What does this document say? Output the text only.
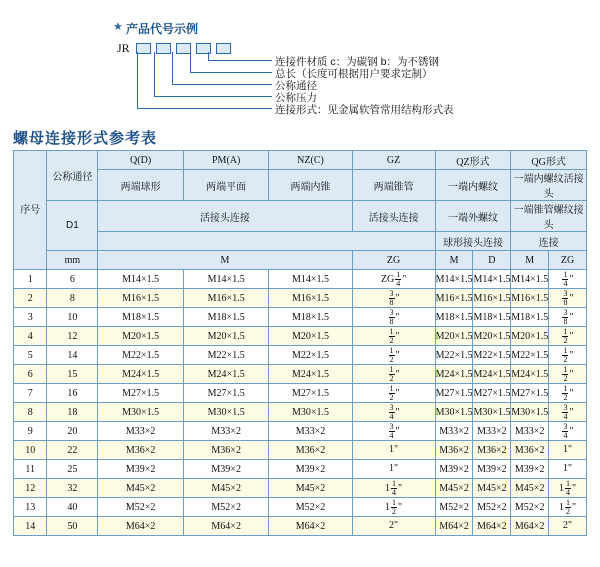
★ 产品代号示例
JR
连接件材质 c：为碳钢 b：为不锈钢
总长（长度可根据用户要求定制）
公称通径
公称压力
连接形式：见金属软管常用结构形式表
螺母连接形式参考表
序号	公称通径	Q(D)	PM(A)	NZ(C)	GZ	QZ形式		QG形式	
		两端球形	两端平面	两端内锥	两端锥管	一端内螺纹		一端内螺纹活接头	
	D1	活接头连接			活接头连接	一端外螺纹		一端锥管螺纹接头	
						球形接头连接		连接	
	mm	M			ZG	M	D	M	ZG
1	6	M14×1.5	M14×1.5	M14×1.5	ZG $\frac{1}{4}$ "	M14×1.5	M14×1.5	M14×1.5	$\frac{1}{4}$ "
2	8	M16×1.5	M16×1.5	M16×1.5	$\frac{3}{8}$ "	M16×1.5	M16×1.5	M16×1.5	$\frac{3}{8}$ "
3	10	M18×1.5	M18×1.5	M18×1.5	$\frac{3}{8}$ "	M18×1.5	M18×1.5	M18×1.5	$\frac{3}{8}$ "
4	12	M20×1.5	M20×1.5	M20×1.5	$\frac{1}{2}$ "	M20×1.5	M20×1.5	M20×1.5	$\frac{1}{2}$ "
5	14	M22×1.5	M22×1.5	M22×1.5	$\frac{1}{2}$ "	M22×1.5	M22×1.5	M22×1.5	$\frac{1}{2}$ "
6	15	M24×1.5	M24×1.5	M24×1.5	$\frac{1}{2}$ "	M24×1.5	M24×1.5	M24×1.5	$\frac{1}{2}$ "
7	16	M27×1.5	M27×1.5	M27×1.5	$\frac{1}{2}$ "	M27×1.5	M27×1.5	M27×1.5	$\frac{1}{2}$ "
8	18	M30×1.5	M30×1.5	M30×1.5	$\frac{3}{4}$ "	M30×1.5	M30×1.5	M30×1.5	$\frac{3}{4}$ "
9	20	M33×2	M33×2	M33×2	$\frac{3}{4}$ "	M33×2	M33×2	M33×2	$\frac{3}{4}$ "
10	22	M36×2	M36×2	M36×2	1"	M36×2	M36×2	M36×2	1"
11	25	M39×2	M39×2	M39×2	1"	M39×2	M39×2	M39×2	1"
12	32	M45×2	M45×2	M45×2	$1 \frac{1}{4}$ "	M45×2	M45×2	M45×2	$1 \frac{1}{4}$ "
13	40	M52×2	M52×2	M52×2	$1 \frac{1}{2}$ "	M52×2	M52×2	M52×2	$1 \frac{1}{2}$ "
14	50	M64×2	M64×2	M64×2	2"	M64×2	M64×2	M64×2	2"
